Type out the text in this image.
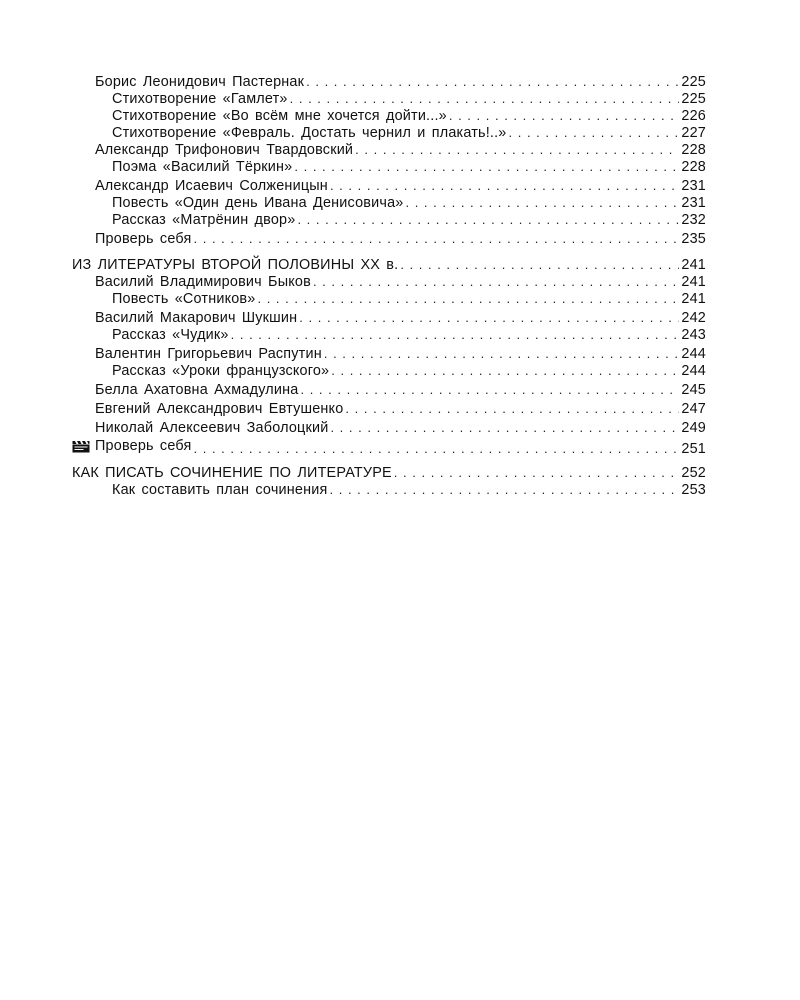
Борис Леонидович Пастернак . . .	225
Стихотворение «Гамлет» . . .	225
Стихотворение «Во всём мне хочется дойти...» . . .	226
Стихотворение «Февраль. Достать чернил и плакать!..» . . .	227
Александр Трифонович Твардовский . . .	228
Поэма «Василий Тёркин» . . .	228
Александр Исаевич Солженицын . . .	231
Повесть «Один день Ивана Денисовича» . . .	231
Рассказ «Матрёнин двор» . . .	232
Проверь себя . . .	235
ИЗ ЛИТЕРАТУРЫ ВТОРОЙ ПОЛОВИНЫ XX в. . . .	241
Василий Владимирович Быков . . .	241
Повесть «Сотников» . . .	241
Василий Макарович Шукшин . . .	242
Рассказ «Чудик» . . .	243
Валентин Григорьевич Распутин . . .	244
Рассказ «Уроки французского» . . .	244
Белла Ахатовна Ахмадулина . . .	245
Евгений Александрович Евтушенко . . .	247
Николай Алексеевич Заболоцкий . . .	249
Проверь себя . . .	251
КАК ПИСАТЬ СОЧИНЕНИЕ ПО ЛИТЕРАТУРЕ . . .	252
Как составить план сочинения . . .	253
